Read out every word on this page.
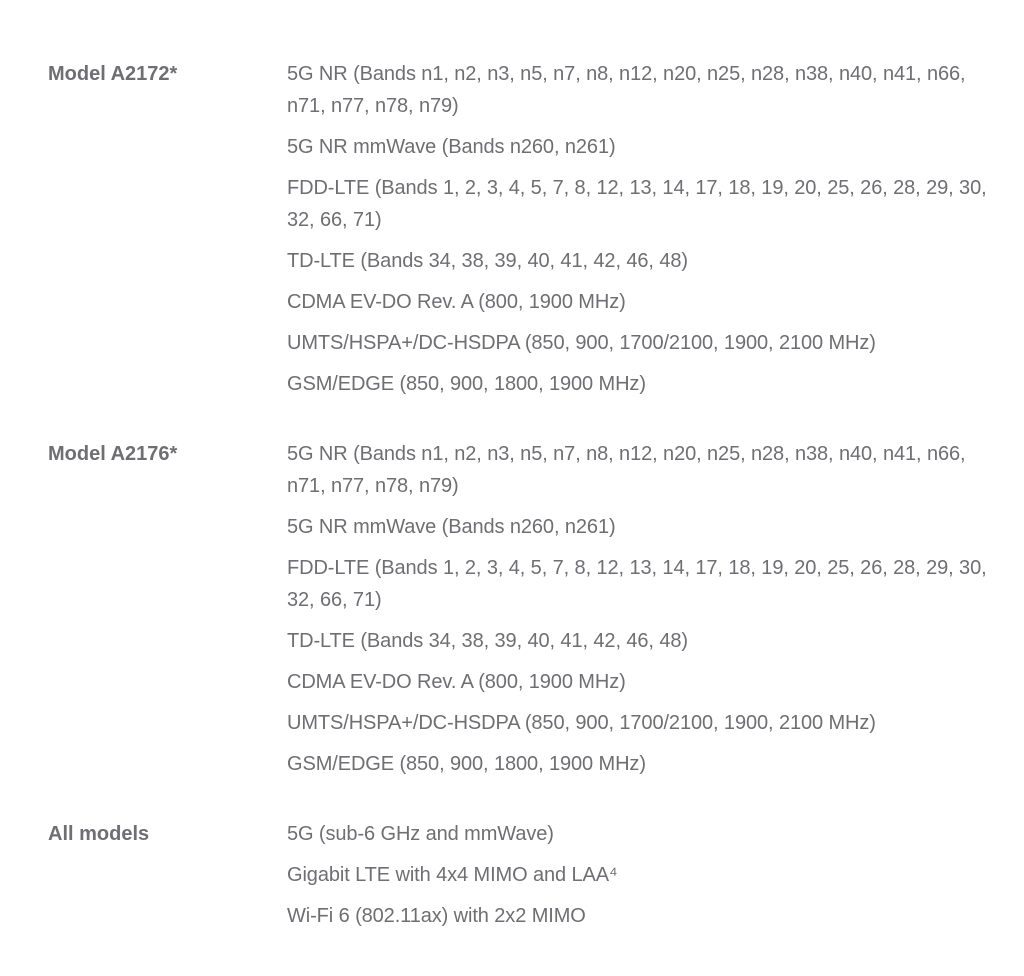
Model A2172*	5G NR (Bands n1, n2, n3, n5, n7, n8, n12, n20, n25, n28, n38, n40, n41, n66, n71, n77, n78, n79)
5G NR mmWave (Bands n260, n261)
FDD-LTE (Bands 1, 2, 3, 4, 5, 7, 8, 12, 13, 14, 17, 18, 19, 20, 25, 26, 28, 29, 30, 32, 66, 71)
TD-LTE (Bands 34, 38, 39, 40, 41, 42, 46, 48)
CDMA EV-DO Rev. A (800, 1900 MHz)
UMTS/HSPA+/DC-HSDPA (850, 900, 1700/2100, 1900, 2100 MHz)
GSM/EDGE (850, 900, 1800, 1900 MHz)
Model A2176*	5G NR (Bands n1, n2, n3, n5, n7, n8, n12, n20, n25, n28, n38, n40, n41, n66, n71, n77, n78, n79)
5G NR mmWave (Bands n260, n261)
FDD-LTE (Bands 1, 2, 3, 4, 5, 7, 8, 12, 13, 14, 17, 18, 19, 20, 25, 26, 28, 29, 30, 32, 66, 71)
TD-LTE (Bands 34, 38, 39, 40, 41, 42, 46, 48)
CDMA EV-DO Rev. A (800, 1900 MHz)
UMTS/HSPA+/DC-HSDPA (850, 900, 1700/2100, 1900, 2100 MHz)
GSM/EDGE (850, 900, 1800, 1900 MHz)
All models	5G (sub-6 GHz and mmWave)
Gigabit LTE with 4x4 MIMO and LAA⁴
Wi-Fi 6 (802.11ax) with 2x2 MIMO
